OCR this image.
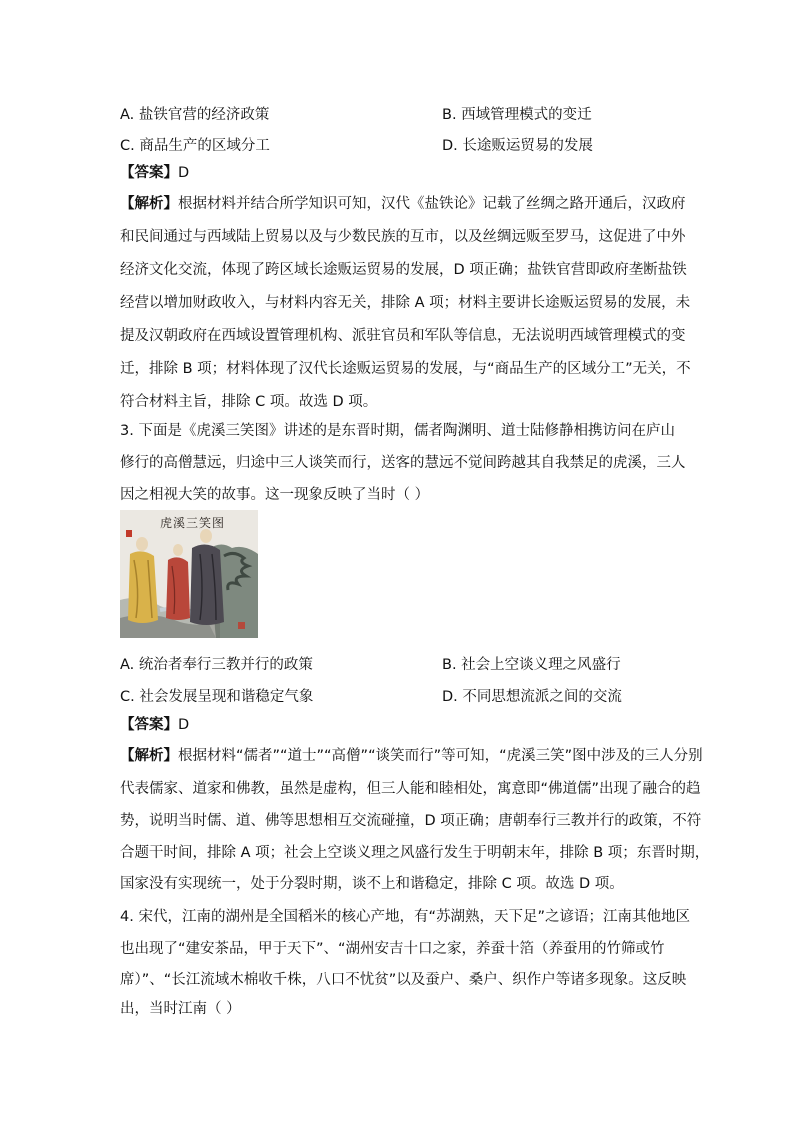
A. 盐铁官营的经济政策	B. 西域管理模式的变迁
C. 商品生产的区域分工	D. 长途贩运贸易的发展
【答案】D
【解析】根据材料并结合所学知识可知，汉代《盐铁论》记载了丝绸之路开通后，汉政府
和民间通过与西域陆上贸易以及与少数民族的互市，以及丝绸远贩至罗马，这促进了中外
经济文化交流，体现了跨区域长途贩运贸易的发展，D 项正确；盐铁官营即政府垄断盐铁
经营以增加财政收入，与材料内容无关，排除 A 项；材料主要讲长途贩运贸易的发展，未
提及汉朝政府在西域设置管理机构、派驻官员和军队等信息，无法说明西域管理模式的变
迁，排除 B 项；材料体现了汉代长途贩运贸易的发展，与“商品生产的区域分工”无关，不
符合材料主旨，排除 C 项。故选 D 项。
3. 下面是《虎溪三笑图》讲述的是东晋时期，儒者陶渊明、道士陆修静相携访问在庐山
修行的高僧慧远，归途中三人谈笑而行，送客的慧远不觉间跨越其自我禁足的虎溪，三人
因之相视大笑的故事。这一现象反映了当时（ ）
虎溪三笑图
A. 统治者奉行三教并行的政策	B. 社会上空谈义理之风盛行
C. 社会发展呈现和谐稳定气象	D. 不同思想流派之间的交流
【答案】D
【解析】根据材料“儒者”“道士”“高僧”“谈笑而行”等可知，“虎溪三笑”图中涉及的三人分别
代表儒家、道家和佛教，虽然是虚构，但三人能和睦相处，寓意即“佛道儒”出现了融合的趋
势，说明当时儒、道、佛等思想相互交流碰撞，D 项正确；唐朝奉行三教并行的政策，不符
合题干时间，排除 A 项；社会上空谈义理之风盛行发生于明朝末年，排除 B 项；东晋时期，
国家没有实现统一，处于分裂时期，谈不上和谐稳定，排除 C 项。故选 D 项。
4. 宋代，江南的湖州是全国稻米的核心产地，有“苏湖熟，天下足”之谚语；江南其他地区
也出现了“建安茶品，甲于天下”、“湖州安吉十口之家，养蚕十箔（养蚕用的竹筛或竹
席）”、“长江流域木棉收千株，八口不忧贫”以及蚕户、桑户、织作户等诸多现象。这反映
出，当时江南（ ）
